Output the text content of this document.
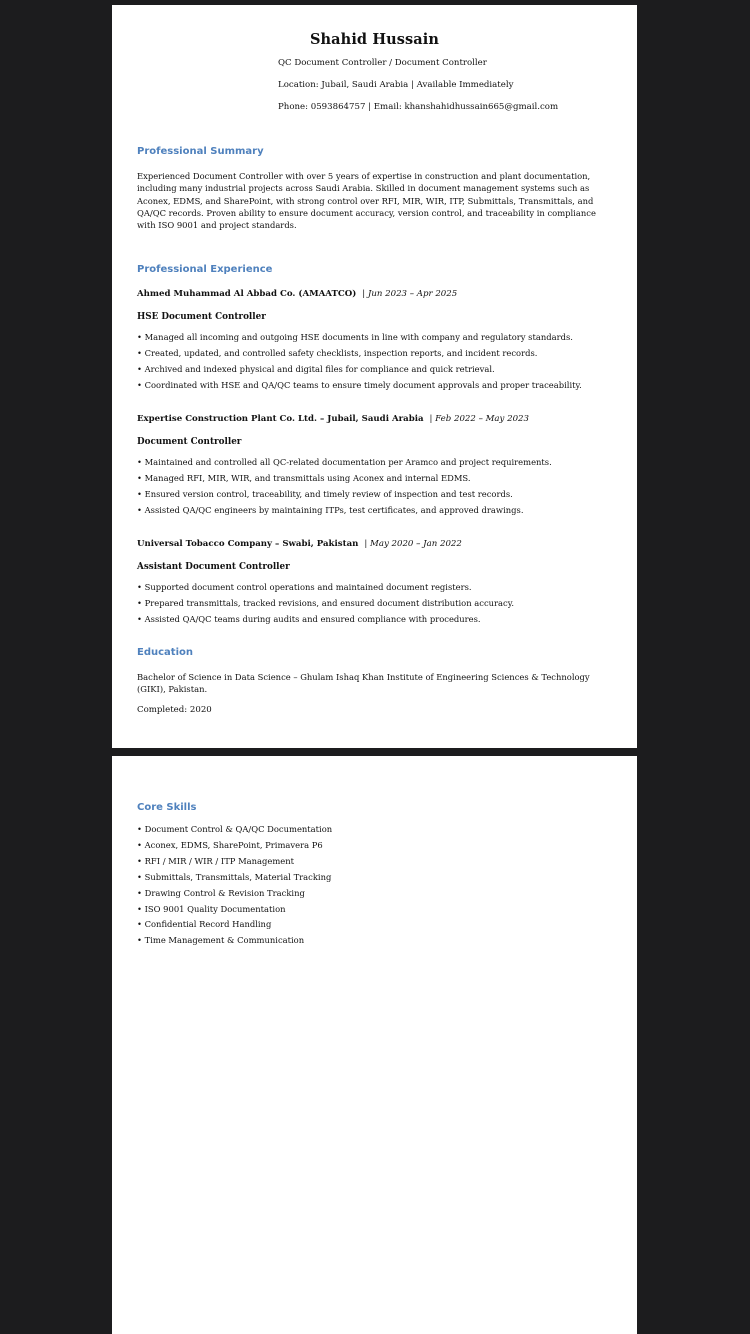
Shahid Hussain
QC Document Controller / Document Controller
Location: Jubail, Saudi Arabia | Available Immediately
Phone: 0593864757 | Email: khanshahidhussain665@gmail.com
Professional Summary

Experienced Document Controller with over 5 years of expertise in construction and plant documentation, including many industrial projects across Saudi Arabia. Skilled in document management systems such as Aconex, EDMS, and SharePoint, with strong control over RFI, MIR, WIR, ITP, Submittals, Transmittals, and QA/QC records. Proven ability to ensure document accuracy, version control, and traceability in compliance with ISO 9001 and project standards.

Professional Experience
Ahmed Muhammad Al Abbad Co. (AMAATCO) | Jun 2023 – Apr 2025
HSE Document Controller
• Managed all incoming and outgoing HSE documents in line with company and regulatory standards.
• Created, updated, and controlled safety checklists, inspection reports, and incident records.
• Archived and indexed physical and digital files for compliance and quick retrieval.
• Coordinated with HSE and QA/QC teams to ensure timely document approvals and proper traceability.
Expertise Construction Plant Co. Ltd. – Jubail, Saudi Arabia | Feb 2022 – May 2023
Document Controller
• Maintained and controlled all QC-related documentation per Aramco and project requirements.
• Managed RFI, MIR, WIR, and transmittals using Aconex and internal EDMS.
• Ensured version control, traceability, and timely review of inspection and test records.
• Assisted QA/QC engineers by maintaining ITPs, test certificates, and approved drawings.
Universal Tobacco Company – Swabi, Pakistan | May 2020 – Jan 2022
Assistant Document Controller
• Supported document control operations and maintained document registers.
• Prepared transmittals, tracked revisions, and ensured document distribution accuracy.
• Assisted QA/QC teams during audits and ensured compliance with procedures.
Education

Bachelor of Science in Data Science – Ghulam Ishaq Khan Institute of Engineering Sciences & Technology (GIKI), Pakistan.

Completed: 2020
Core Skills
• Document Control & QA/QC Documentation
• Aconex, EDMS, SharePoint, Primavera P6
• RFI / MIR / WIR / ITP Management
• Submittals, Transmittals, Material Tracking
• Drawing Control & Revision Tracking
• ISO 9001 Quality Documentation
• Confidential Record Handling
• Time Management & Communication
